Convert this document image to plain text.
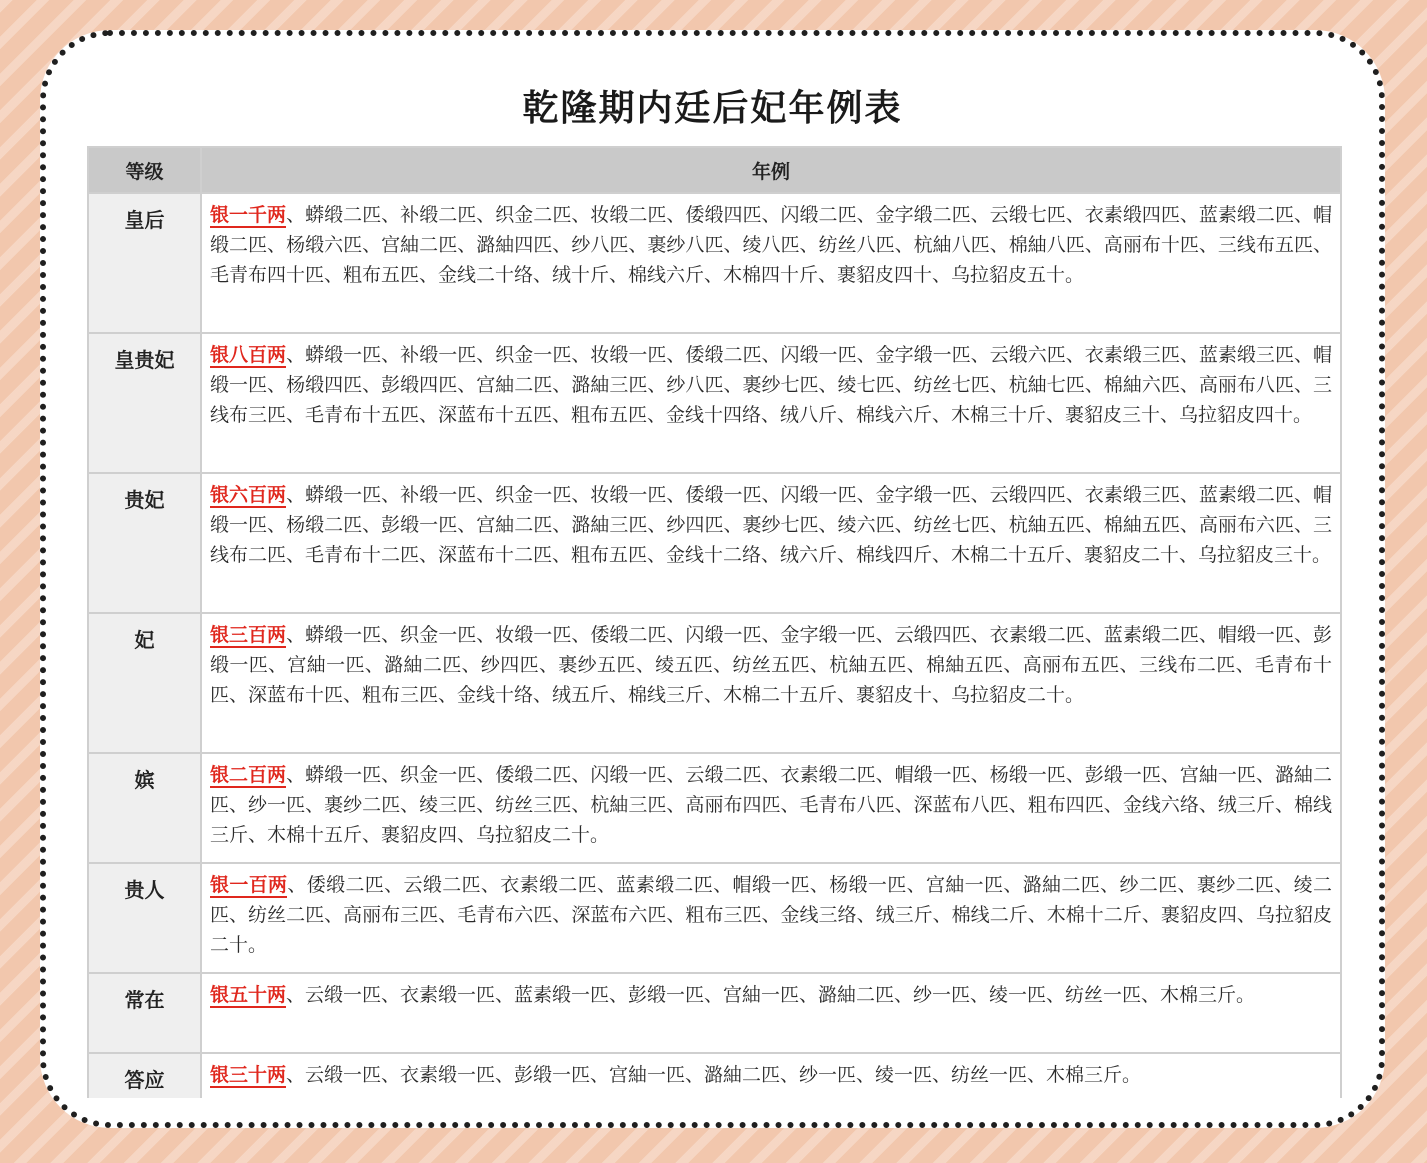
乾隆期内廷后妃年例表
等级	年例
皇后	银一千两、蟒缎二匹、补缎二匹、织金二匹、妆缎二匹、倭缎四匹、闪缎二匹、金字缎二匹、云缎七匹、衣素缎四匹、蓝素缎二匹、帽缎二匹、杨缎六匹、宫紬二匹、潞紬四匹、纱八匹、裹纱八匹、绫八匹、纺丝八匹、杭紬八匹、棉紬八匹、高丽布十匹、三线布五匹、毛青布四十匹、粗布五匹、金线二十络、绒十斤、棉线六斤、木棉四十斤、裹貂皮四十、乌拉貂皮五十。
皇贵妃	银八百两、蟒缎一匹、补缎一匹、织金一匹、妆缎一匹、倭缎二匹、闪缎一匹、金字缎一匹、云缎六匹、衣素缎三匹、蓝素缎三匹、帽缎一匹、杨缎四匹、彭缎四匹、宫紬二匹、潞紬三匹、纱八匹、裹纱七匹、绫七匹、纺丝七匹、杭紬七匹、棉紬六匹、高丽布八匹、三线布三匹、毛青布十五匹、深蓝布十五匹、粗布五匹、金线十四络、绒八斤、棉线六斤、木棉三十斤、裹貂皮三十、乌拉貂皮四十。
贵妃	银六百两、蟒缎一匹、补缎一匹、织金一匹、妆缎一匹、倭缎一匹、闪缎一匹、金字缎一匹、云缎四匹、衣素缎三匹、蓝素缎二匹、帽缎一匹、杨缎二匹、彭缎一匹、宫紬二匹、潞紬三匹、纱四匹、裹纱七匹、绫六匹、纺丝七匹、杭紬五匹、棉紬五匹、高丽布六匹、三线布二匹、毛青布十二匹、深蓝布十二匹、粗布五匹、金线十二络、绒六斤、棉线四斤、木棉二十五斤、裹貂皮二十、乌拉貂皮三十。
妃	银三百两、蟒缎一匹、织金一匹、妆缎一匹、倭缎二匹、闪缎一匹、金字缎一匹、云缎四匹、衣素缎二匹、蓝素缎二匹、帽缎一匹、彭缎一匹、宫紬一匹、潞紬二匹、纱四匹、裹纱五匹、绫五匹、纺丝五匹、杭紬五匹、棉紬五匹、高丽布五匹、三线布二匹、毛青布十匹、深蓝布十匹、粗布三匹、金线十络、绒五斤、棉线三斤、木棉二十五斤、裹貂皮十、乌拉貂皮二十。
嫔	银二百两、蟒缎一匹、织金一匹、倭缎二匹、闪缎一匹、云缎二匹、衣素缎二匹、帽缎一匹、杨缎一匹、彭缎一匹、宫紬一匹、潞紬二匹、纱一匹、裹纱二匹、绫三匹、纺丝三匹、杭紬三匹、高丽布四匹、毛青布八匹、深蓝布八匹、粗布四匹、金线六络、绒三斤、棉线三斤、木棉十五斤、裹貂皮四、乌拉貂皮二十。
贵人	银一百两、倭缎二匹、云缎二匹、衣素缎二匹、蓝素缎二匹、帽缎一匹、杨缎一匹、宫紬一匹、潞紬二匹、纱二匹、裹纱二匹、绫二匹、纺丝二匹、高丽布三匹、毛青布六匹、深蓝布六匹、粗布三匹、金线三络、绒三斤、棉线二斤、木棉十二斤、裹貂皮四、乌拉貂皮二十。
常在	银五十两、云缎一匹、衣素缎一匹、蓝素缎一匹、彭缎一匹、宫紬一匹、潞紬二匹、纱一匹、绫一匹、纺丝一匹、木棉三斤。
答应	银三十两、云缎一匹、衣素缎一匹、彭缎一匹、宫紬一匹、潞紬二匹、纱一匹、绫一匹、纺丝一匹、木棉三斤。
